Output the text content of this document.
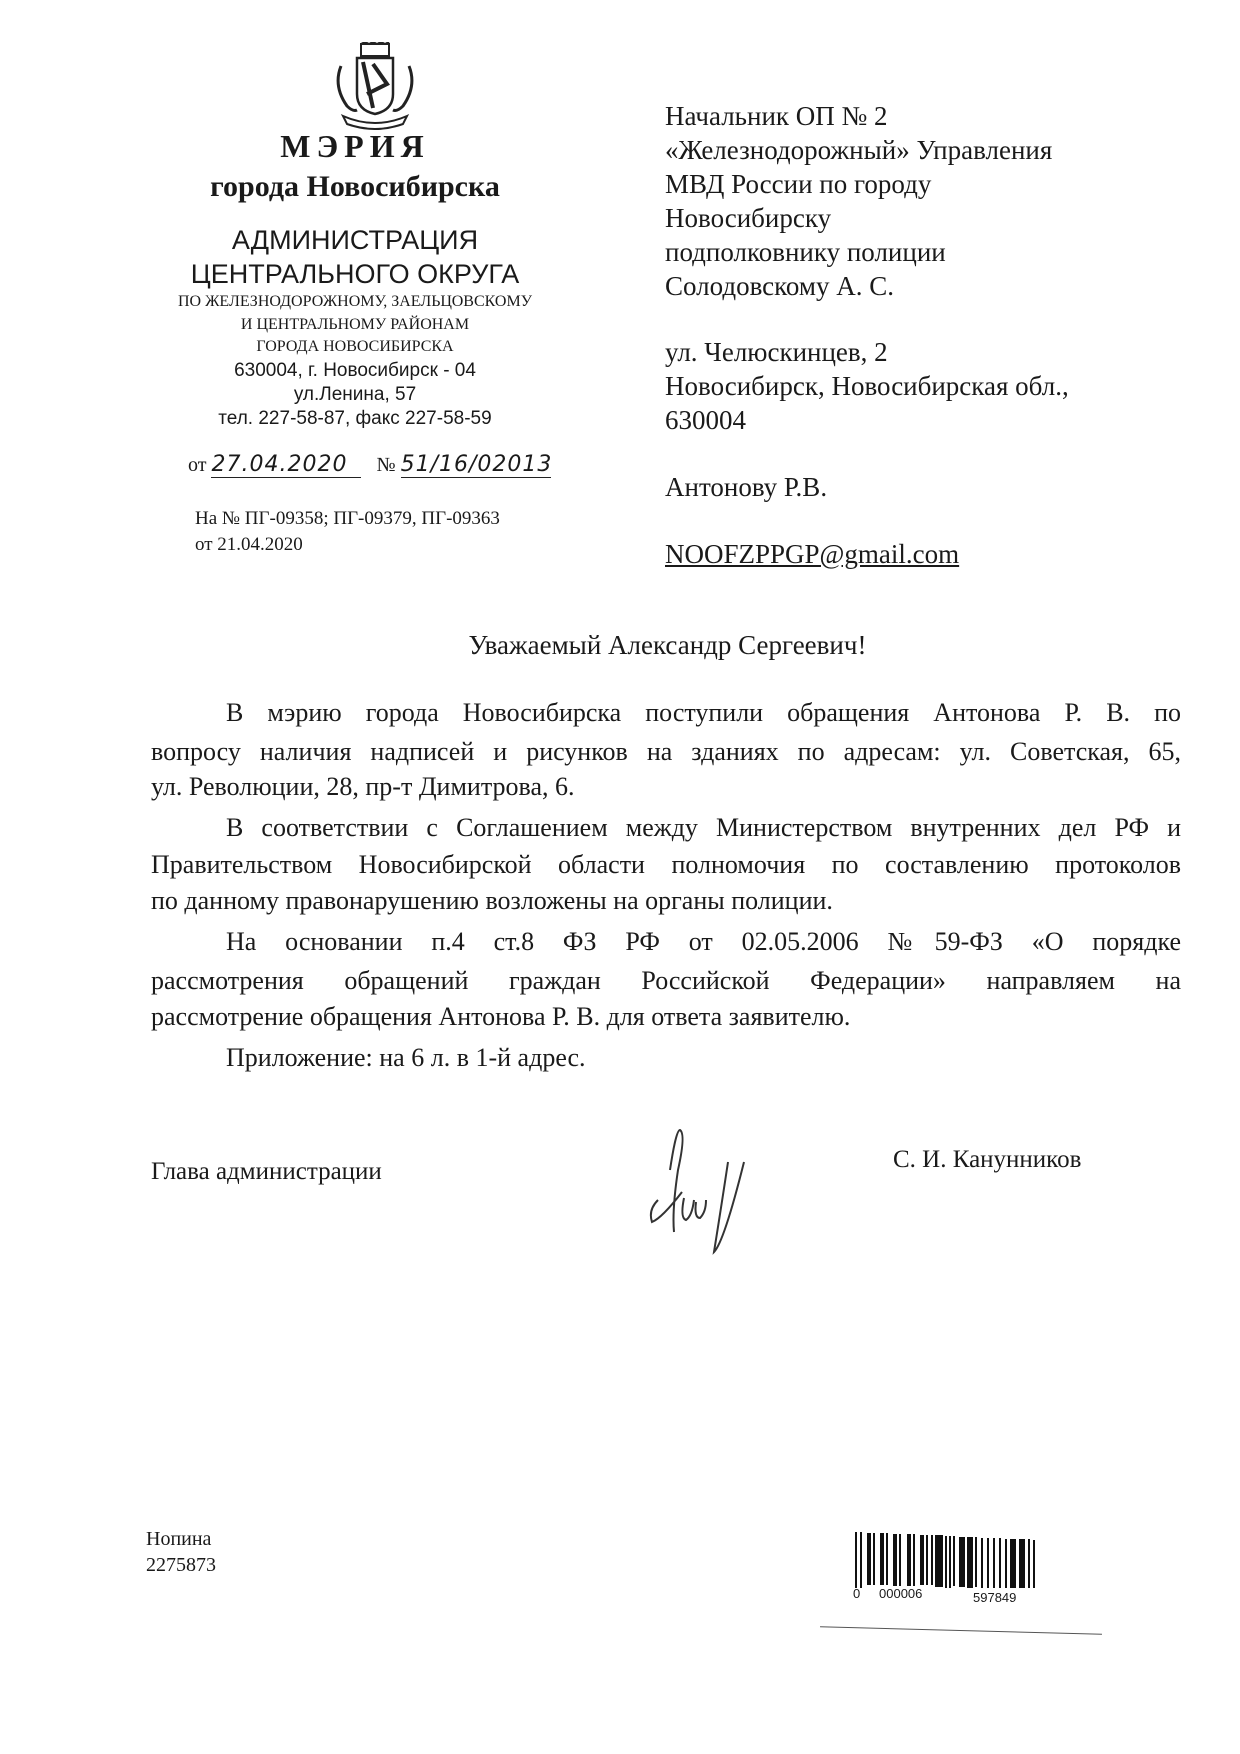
МЭРИЯ
города Новосибирска
АДМИНИСТРАЦИЯ
ЦЕНТРАЛЬНОГО ОКРУГА
ПО ЖЕЛЕЗНОДОРОЖНОМУ, ЗАЕЛЬЦОВСКОМУ
И ЦЕНТРАЛЬНОМУ РАЙОНАМ
ГОРОДА НОВОСИБИРСКА
630004, г. Новосибирск - 04
ул.Ленина, 57
тел. 227-58-87, факс 227-58-59
от 27.04.2020 № 51/16/02013
На № ПГ-09358; ПГ-09379, ПГ-09363
от 21.04.2020
Начальник ОП № 2
«Железнодорожный» Управления
МВД России по городу
Новосибирску
подполковнику полиции
Солодовскому А. С.
ул. Челюскинцев, 2
Новосибирск, Новосибирская обл.,
630004
Антонову Р.В.
NOOFZPPGP@gmail.com
Уважаемый Александр Сергеевич!
В мэрию города Новосибирска поступили обращения Антонова Р. В. по
вопросу наличия надписей и рисунков на зданиях по адресам: ул. Советская, 65,
ул. Революции, 28, пр-т Димитрова, 6.
В соответствии с Соглашением между Министерством внутренних дел РФ и
Правительством Новосибирской области полномочия по составлению протоколов
по данному правонарушению возложены на органы полиции.
На основании п.4 ст.8 ФЗ РФ от 02.05.2006 №59-ФЗ «О порядке
рассмотрения обращений граждан Российской Федерации» направляем на
рассмотрение обращения Антонова Р. В. для ответа заявителю.
Приложение: на 6 л. в 1-й адрес.
Глава администрации	С. И. Канунников
Нопина
2275873
0 000006	597849
